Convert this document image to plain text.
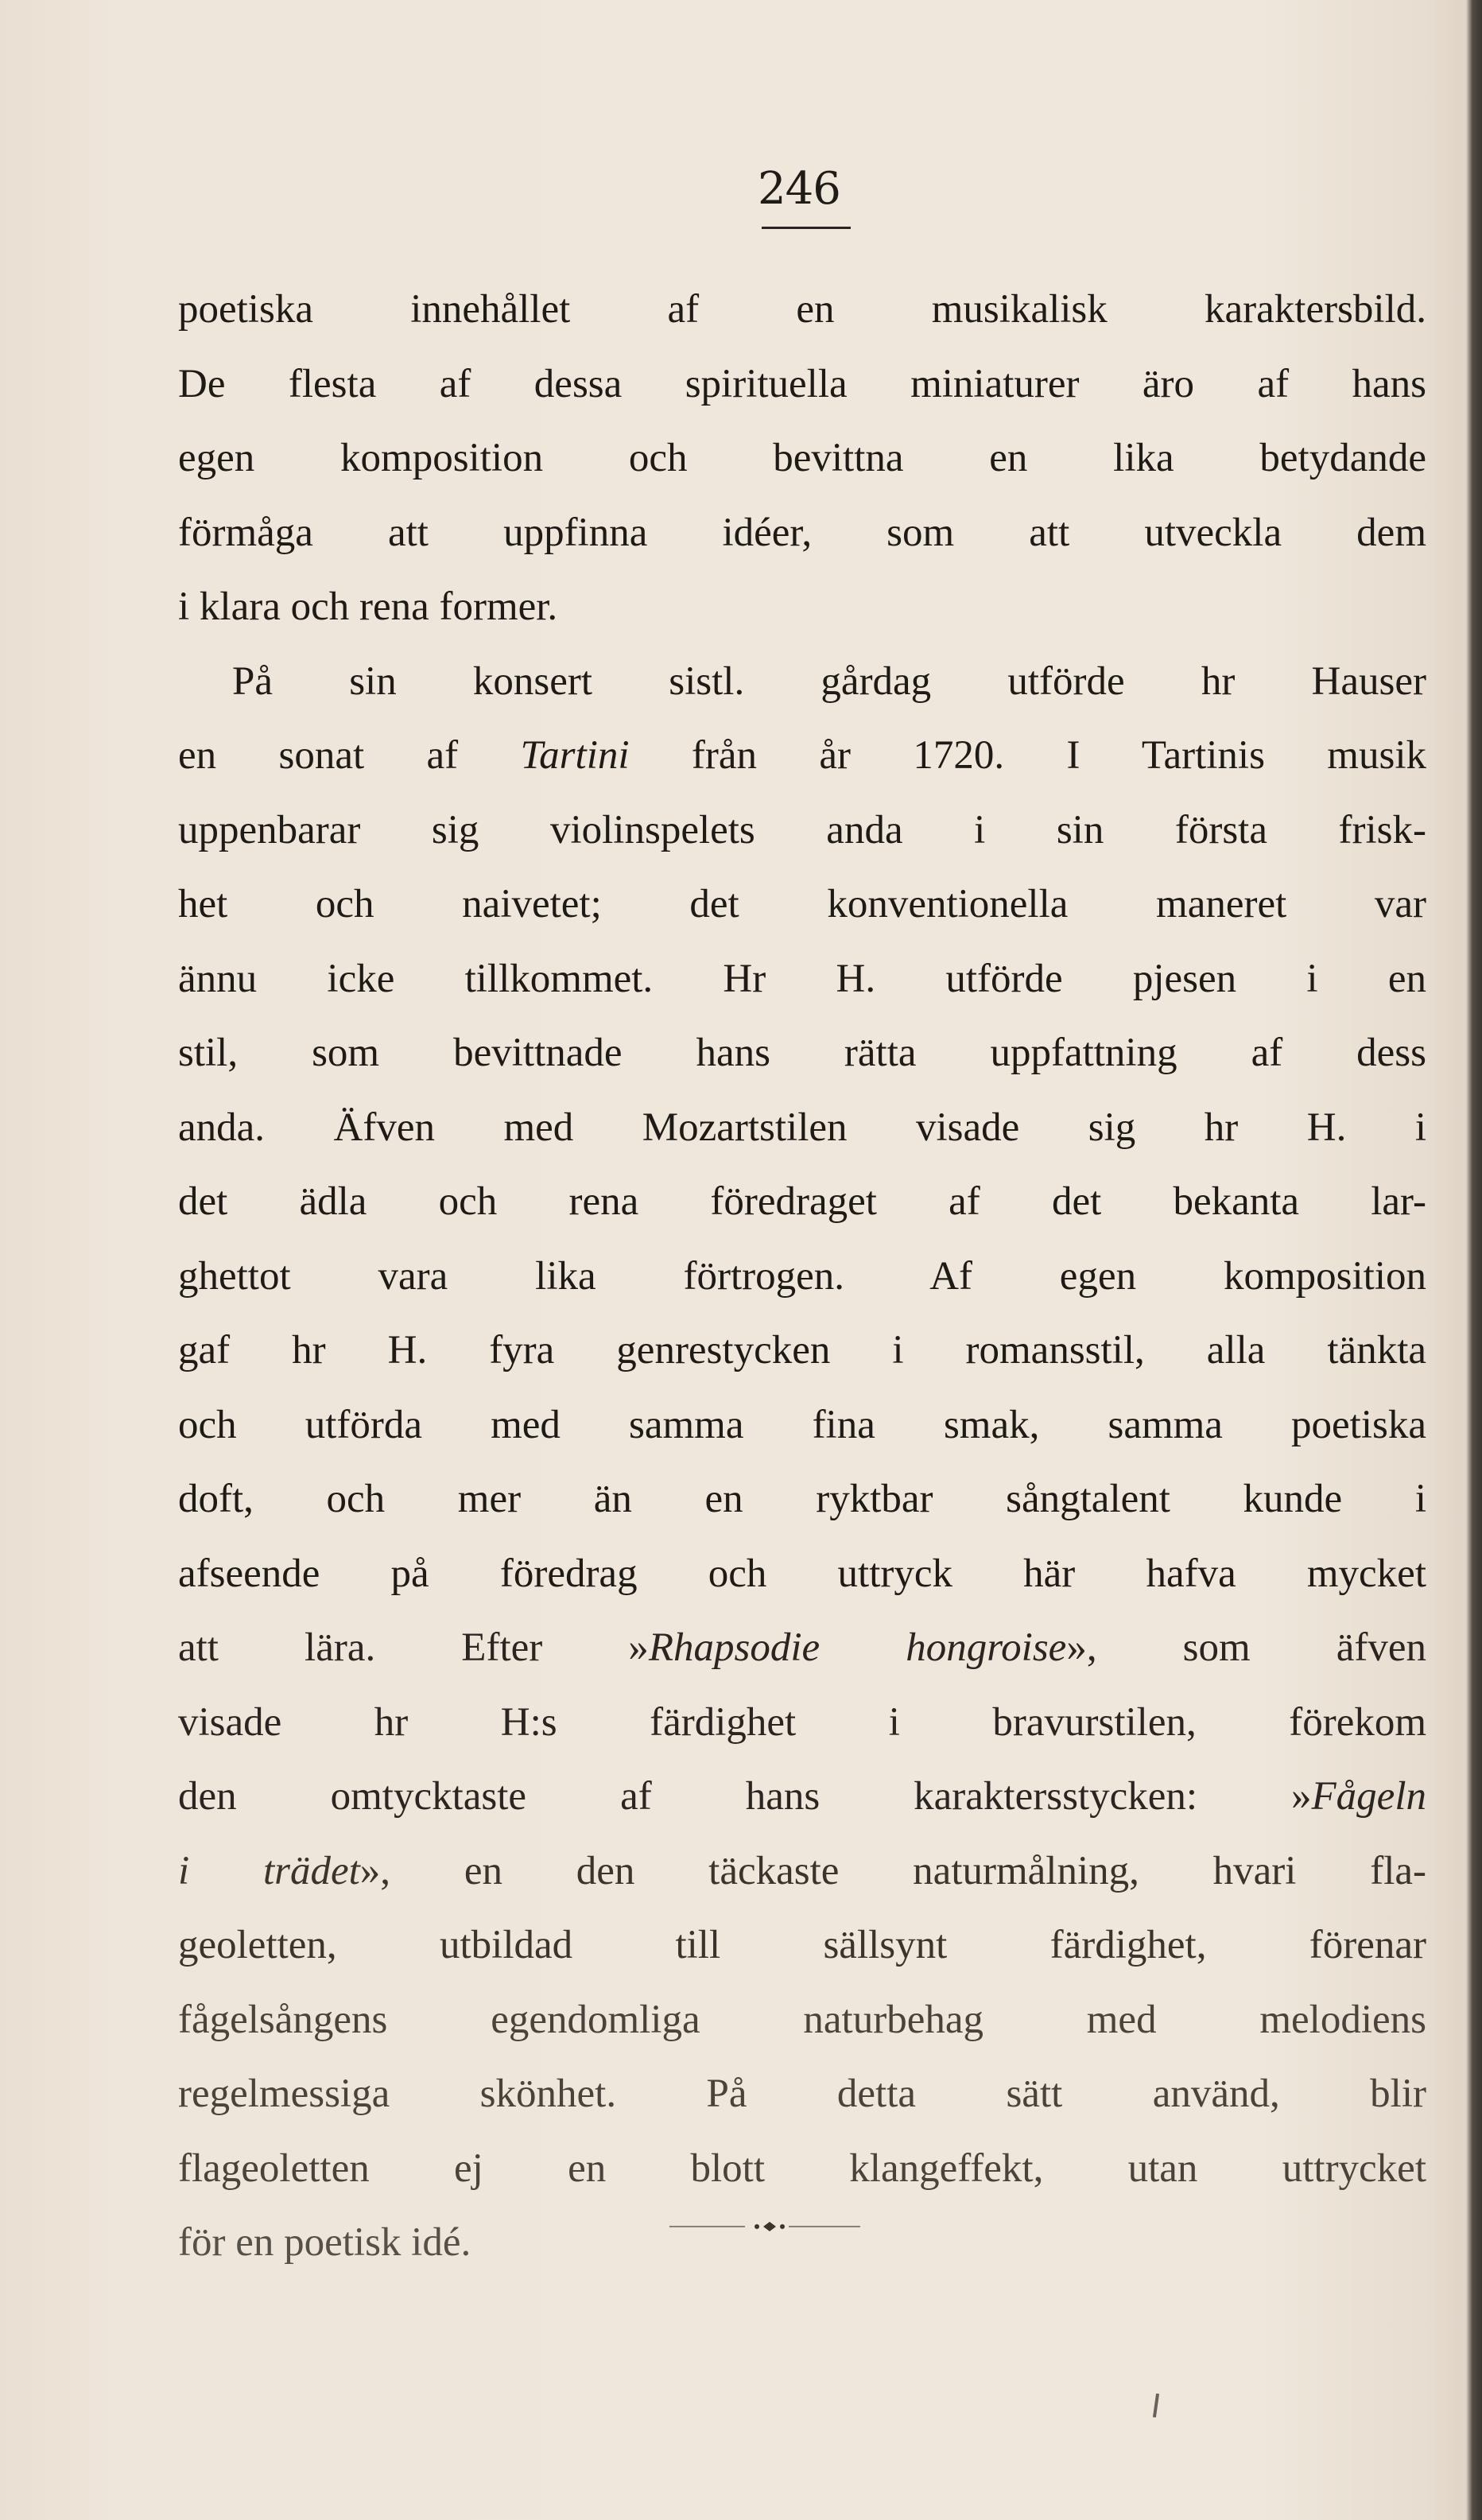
246
poetiska innehållet af en musikalisk karaktersbild.
De flesta af dessa spirituella miniaturer äro af hans
egen komposition och bevittna en lika betydande
förmåga att uppfinna idéer, som att utveckla dem
i klara och rena former.
På sin konsert sistl. gårdag utförde hr Hauser
en sonat af Tartini från år 1720. I Tartinis musik
uppenbarar sig violinspelets anda i sin första frisk-
het och naivetet; det konventionella maneret var
ännu icke tillkommet. Hr H. utförde pjesen i en
stil, som bevittnade hans rätta uppfattning af dess
anda. Äfven med Mozartstilen visade sig hr H. i
det ädla och rena föredraget af det bekanta lar-
ghettot vara lika förtrogen. Af egen komposition
gaf hr H. fyra genrestycken i romansstil, alla tänkta
och utförda med samma fina smak, samma poetiska
doft, och mer än en ryktbar sångtalent kunde i
afseende på föredrag och uttryck här hafva mycket
att lära. Efter »Rhapsodie hongroise», som äfven
visade hr H:s färdighet i bravurstilen, förekom
den omtycktaste af hans karaktersstycken: »Fågeln
i trädet», en den täckaste naturmålning, hvari fla-
geoletten, utbildad till sällsynt färdighet, förenar
fågelsångens egendomliga naturbehag med melodiens
regelmessiga skönhet. På detta sätt använd, blir
flageoletten ej en blott klangeffekt, utan uttrycket
för en poetisk idé.
